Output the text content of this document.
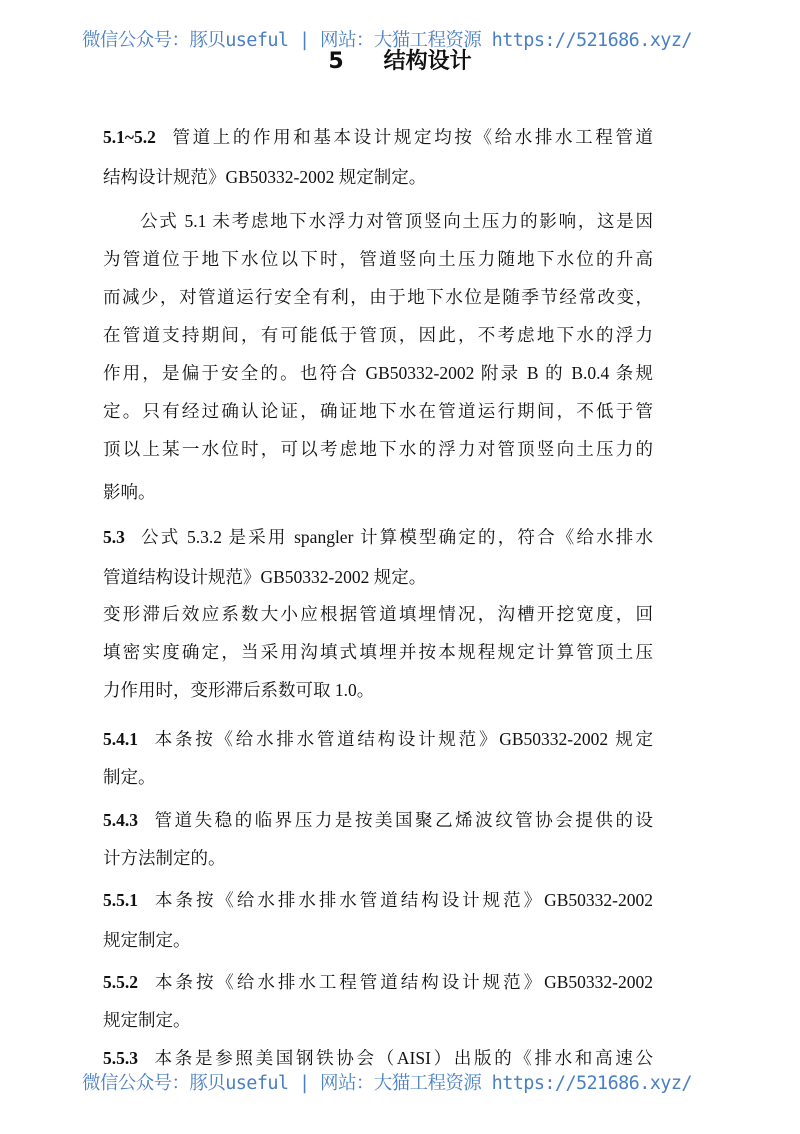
微信公众号：豚贝useful | 网站：大猫工程资源 https://521686.xyz/
5 结构设计
5.1~5.2 管道上的作用和基本设计规定均按《给水排水工程管道
结构设计规范》GB50332-2002 规定制定。
公式 5.1 未考虑地下水浮力对管顶竖向土压力的影响，这是因
为管道位于地下水位以下时，管道竖向土压力随地下水位的升高
而减少，对管道运行安全有利，由于地下水位是随季节经常改变，
在管道支持期间，有可能低于管顶，因此，不考虑地下水的浮力
作用，是偏于安全的。也符合 GB50332-2002 附录 B 的 B.0.4 条规
定。只有经过确认论证，确证地下水在管道运行期间，不低于管
顶以上某一水位时，可以考虑地下水的浮力对管顶竖向土压力的
影响。
5.3 公式 5.3.2 是采用 spangler 计算模型确定的，符合《给水排水
管道结构设计规范》GB50332-2002 规定。
变形滞后效应系数大小应根据管道填埋情况，沟槽开挖宽度，回
填密实度确定，当采用沟填式填埋并按本规程规定计算管顶土压
力作用时，变形滞后系数可取 1.0。
5.4.1 本条按《给水排水管道结构设计规范》GB50332-2002 规定
制定。
5.4.3 管道失稳的临界压力是按美国聚乙烯波纹管协会提供的设
计方法制定的。
5.5.1 本条按《给水排水排水管道结构设计规范》GB50332-2002
规定制定。
5.5.2 本条按《给水排水工程管道结构设计规范》GB50332-2002
规定制定。
5.5.3 本条是参照美国钢铁协会（AISI）出版的《排水和高速公
微信公众号：豚贝useful | 网站：大猫工程资源 https://521686.xyz/
